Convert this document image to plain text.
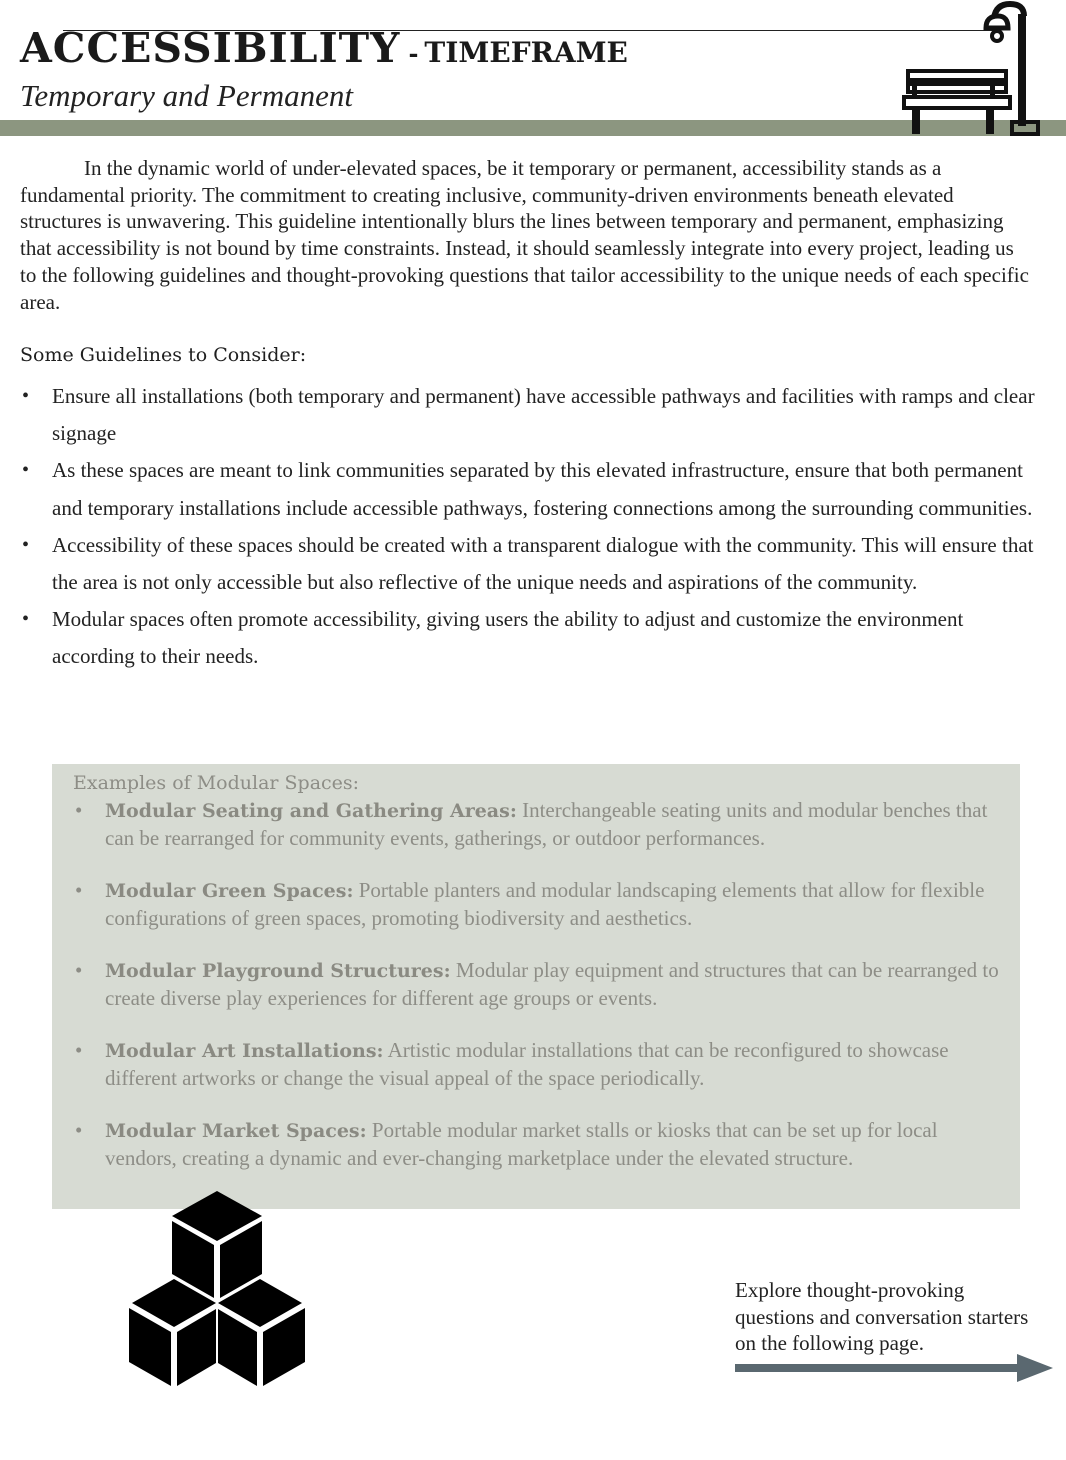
ACCESSIBILITY - TIMEFRAME
Temporary and Permanent

In the dynamic world of under-elevated spaces, be it temporary or permanent, accessibility stands as a fundamental priority. The commitment to creating inclusive, community-driven environments beneath elevated structures is unwavering. This guideline intentionally blurs the lines between temporary and permanent, emphasizing that accessibility is not bound by time constraints. Instead, it should seamlessly integrate into every project, leading us to the following guidelines and thought-provoking questions that tailor accessibility to the unique needs of each specific area.

Some Guidelines to Consider:
• Ensure all installations (both temporary and permanent) have accessible pathways and facilities with ramps and clear signage
• As these spaces are meant to link communities separated by this elevated infrastructure, ensure that both permanent and temporary installations include accessible pathways, fostering connections among the surrounding communities.
• Accessibility of these spaces should be created with a transparent dialogue with the community. This will ensure that the area is not only accessible but also reflective of the unique needs and aspirations of the community.
• Modular spaces often promote accessibility, giving users the ability to adjust and customize the environment according to their needs.
Examples of Modular Spaces:
• Modular Seating and Gathering Areas: Interchangeable seating units and modular benches that can be rearranged for community events, gatherings, or outdoor performances.
• Modular Green Spaces: Portable planters and modular landscaping elements that allow for flexible configurations of green spaces, promoting biodiversity and aesthetics.
• Modular Playground Structures: Modular play equipment and structures that can be rearranged to create diverse play experiences for different age groups or events.
• Modular Art Installations: Artistic modular installations that can be reconfigured to showcase different artworks or change the visual appeal of the space periodically.
• Modular Market Spaces: Portable modular market stalls or kiosks that can be set up for local vendors, creating a dynamic and ever-changing marketplace under the elevated structure.

Explore thought-provoking questions and conversation starters on the following page.
